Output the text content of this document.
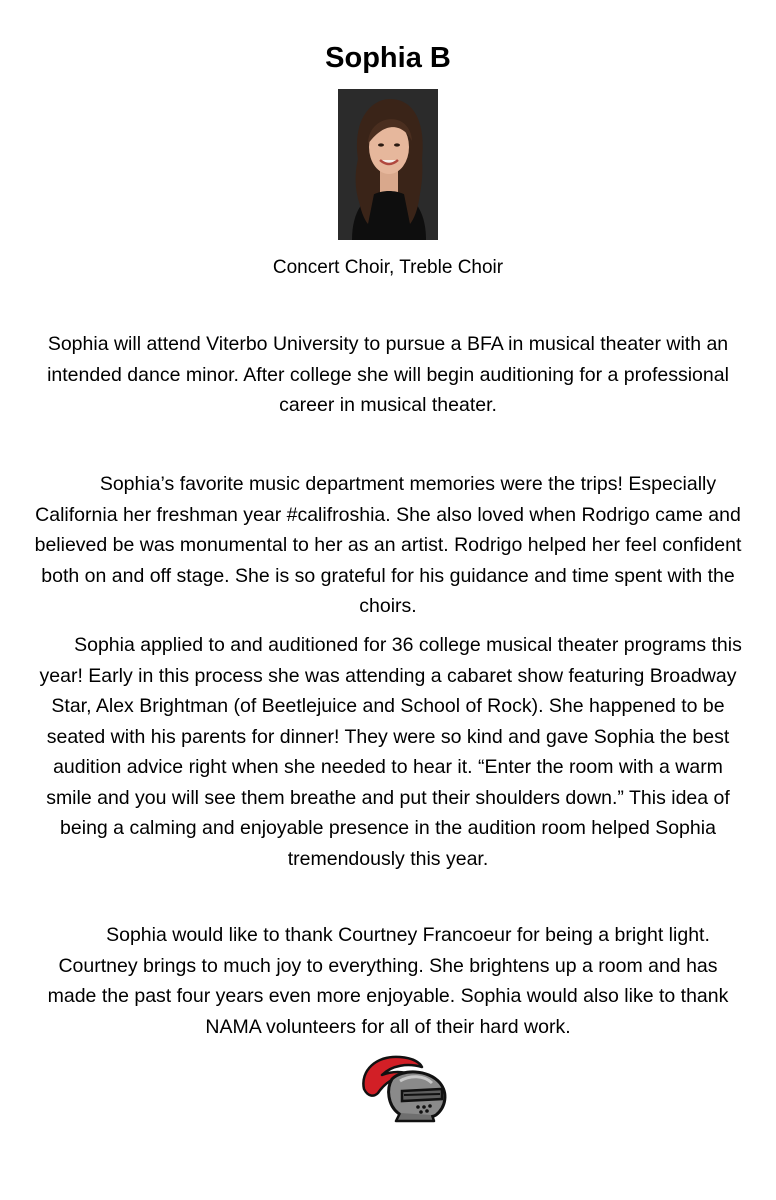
Sophia B
Concert Choir, Treble Choir

Sophia will attend Viterbo University to pursue a BFA in musical theater with an intended dance minor. After college she will begin auditioning for a professional career in musical theater.

Sophia’s favorite music department memories were the trips! Especially California her freshman year #califroshia. She also loved when Rodrigo came and believed be was monumental to her as an artist. Rodrigo helped her feel confident both on and off stage. She is so grateful for his guidance and time spent with the choirs.

Sophia applied to and auditioned for 36 college musical theater programs this year! Early in this process she was attending a cabaret show featuring Broadway Star, Alex Brightman (of Beetlejuice and School of Rock). She happened to be seated with his parents for dinner! They were so kind and gave Sophia the best audition advice right when she needed to hear it. “Enter the room with a warm smile and you will see them breathe and put their shoulders down.” This idea of being a calming and enjoyable presence in the audition room helped Sophia tremendously this year.

Sophia would like to thank Courtney Francoeur for being a bright light. Courtney brings to much joy to everything. She brightens up a room and has made the past four years even more enjoyable. Sophia would also like to thank NAMA volunteers for all of their hard work.
